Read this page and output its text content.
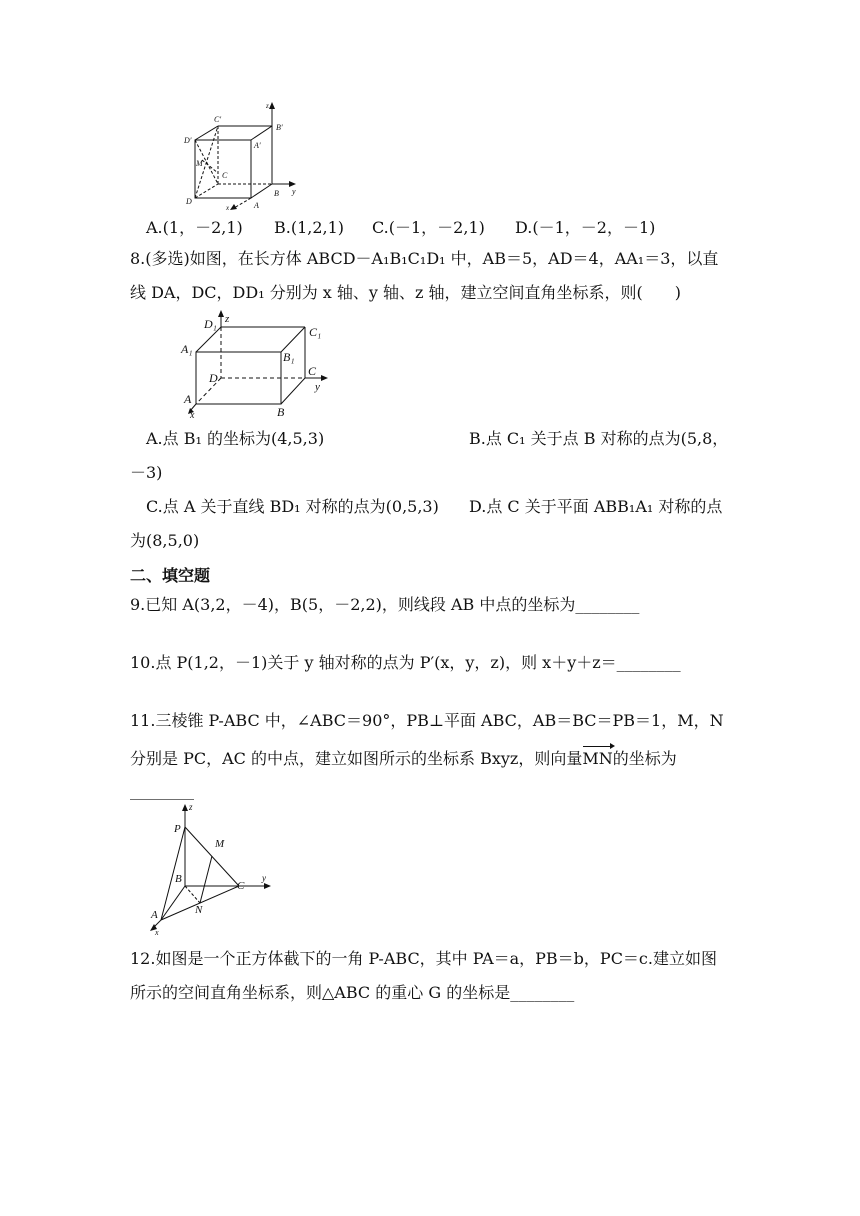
C′
B′
D′
A′
M
C
D	A
B
x
y
z
A.(1，－2,1) B.(1,2,1) C.(－1，－2,1) D.(－1，－2，－1)
8.(多选)如图，在长方体 ABCD－A₁B₁C₁D₁ 中，AB＝5，AD＝4，AA₁＝3，以直
线 DA，DC，DD₁ 分别为 x 轴、y 轴、z 轴，建立空间直角坐标系，则(　　)
D₁ z
C₁
A₁
B₁
D	C
y
A
x	B
A.点 B₁ 的坐标为(4,5,3)	B.点 C₁ 关于点 B 对称的点为(5,8，
－3)
C.点 A 关于直线 BD₁ 对称的点为(0,5,3) D.点 C 关于平面 ABB₁A₁ 对称的点
为(8,5,0)
二、填空题
9.已知 A(3,2，－4)，B(5，－2,2)，则线段 AB 中点的坐标为________
10.点 P(1,2，－1)关于 y 轴对称的点为 P′(x，y，z)，则 x＋y＋z＝________
11.三棱锥 P-ABC 中，∠ABC＝90°，PB⊥平面 ABC，AB＝BC＝PB＝1，M，N
分别是 PC，AC 的中点，建立如图所示的坐标系 Bxyz，则向量MN的坐标为
________
z
P
M
B
C
y
N
A
x
12.如图是一个正方体截下的一角 P-ABC，其中 PA＝a，PB＝b，PC＝c.建立如图
所示的空间直角坐标系，则△ABC 的重心 G 的坐标是________
